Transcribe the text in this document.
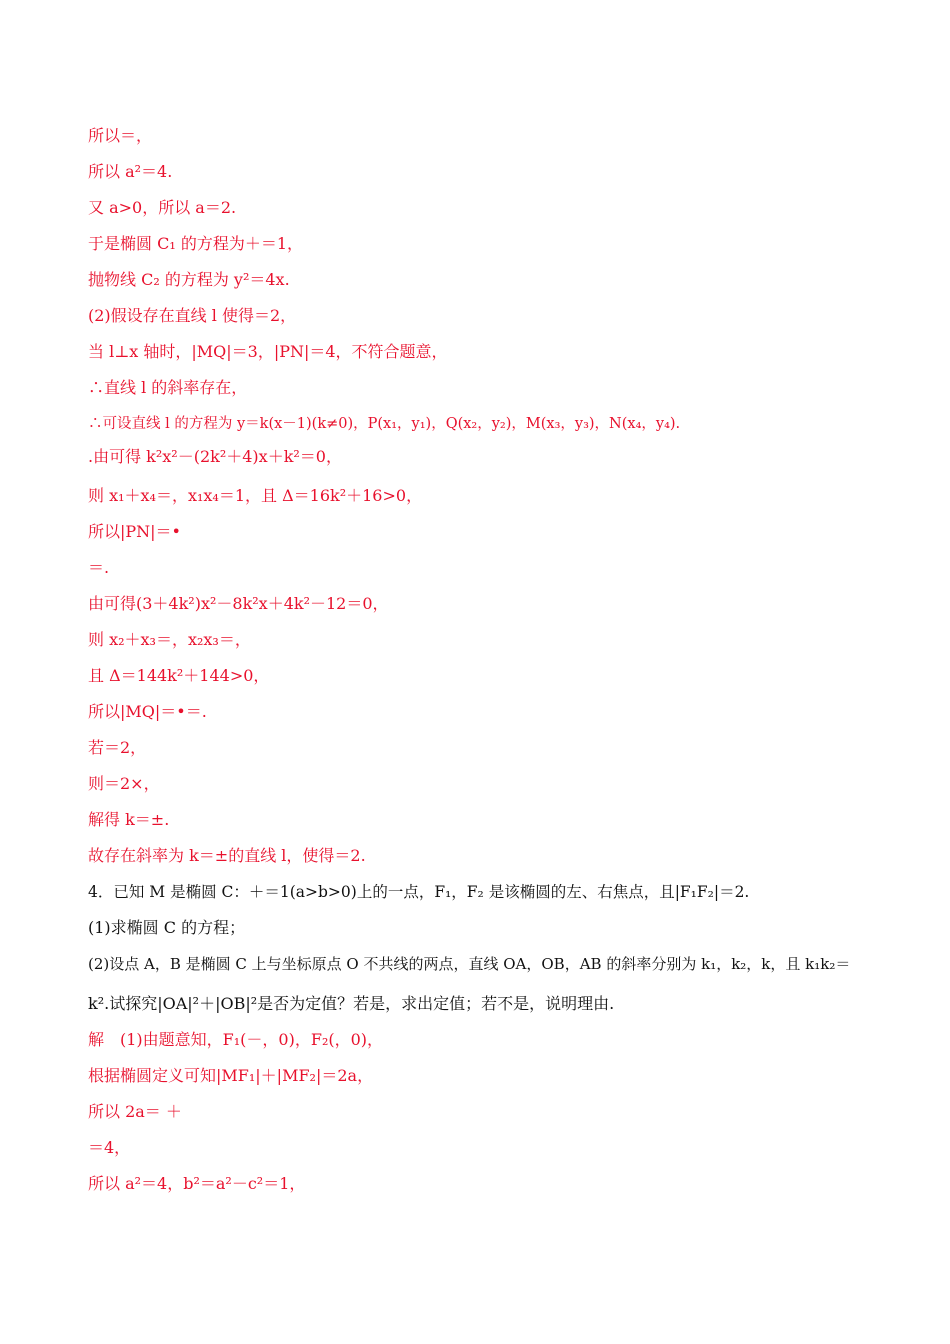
所以＝，
所以 a²＝4.
又 a>0，所以 a＝2.
于是椭圆 C₁ 的方程为＋＝1，
抛物线 C₂ 的方程为 y²＝4x.
(2)假设存在直线 l 使得＝2，
当 l⊥x 轴时，|MQ|＝3，|PN|＝4，不符合题意，
∴直线 l 的斜率存在，
∴可设直线 l 的方程为 y＝k(x－1)(k≠0)，P(x₁，y₁)，Q(x₂，y₂)，M(x₃，y₃)，N(x₄，y₄).
.由可得 k²x²－(2k²＋4)x＋k²＝0，
则 x₁＋x₄＝，x₁x₄＝1，且 Δ＝16k²＋16>0，
所以|PN|＝•
＝.
由可得(3＋4k²)x²－8k²x＋4k²－12＝0，
则 x₂＋x₃＝，x₂x₃＝，
且 Δ＝144k²＋144>0，
所以|MQ|＝•＝.
若＝2，
则＝2×，
解得 k＝±.
故存在斜率为 k＝±的直线 l，使得＝2.
4．已知 M 是椭圆 C：＋＝1(a>b>0)上的一点，F₁，F₂ 是该椭圆的左、右焦点，且|F₁F₂|＝2.
(1)求椭圆 C 的方程；
(2)设点 A，B 是椭圆 C 上与坐标原点 O 不共线的两点，直线 OA，OB，AB 的斜率分别为 k₁，k₂，k，且 k₁k₂＝
k².试探究|OA|²＋|OB|²是否为定值？若是，求出定值；若不是，说明理由.
解　(1)由题意知，F₁(－，0)，F₂(，0)，
根据椭圆定义可知|MF₁|＋|MF₂|＝2a，
所以 2a＝ ＋
＝4，
所以 a²＝4，b²＝a²－c²＝1，
